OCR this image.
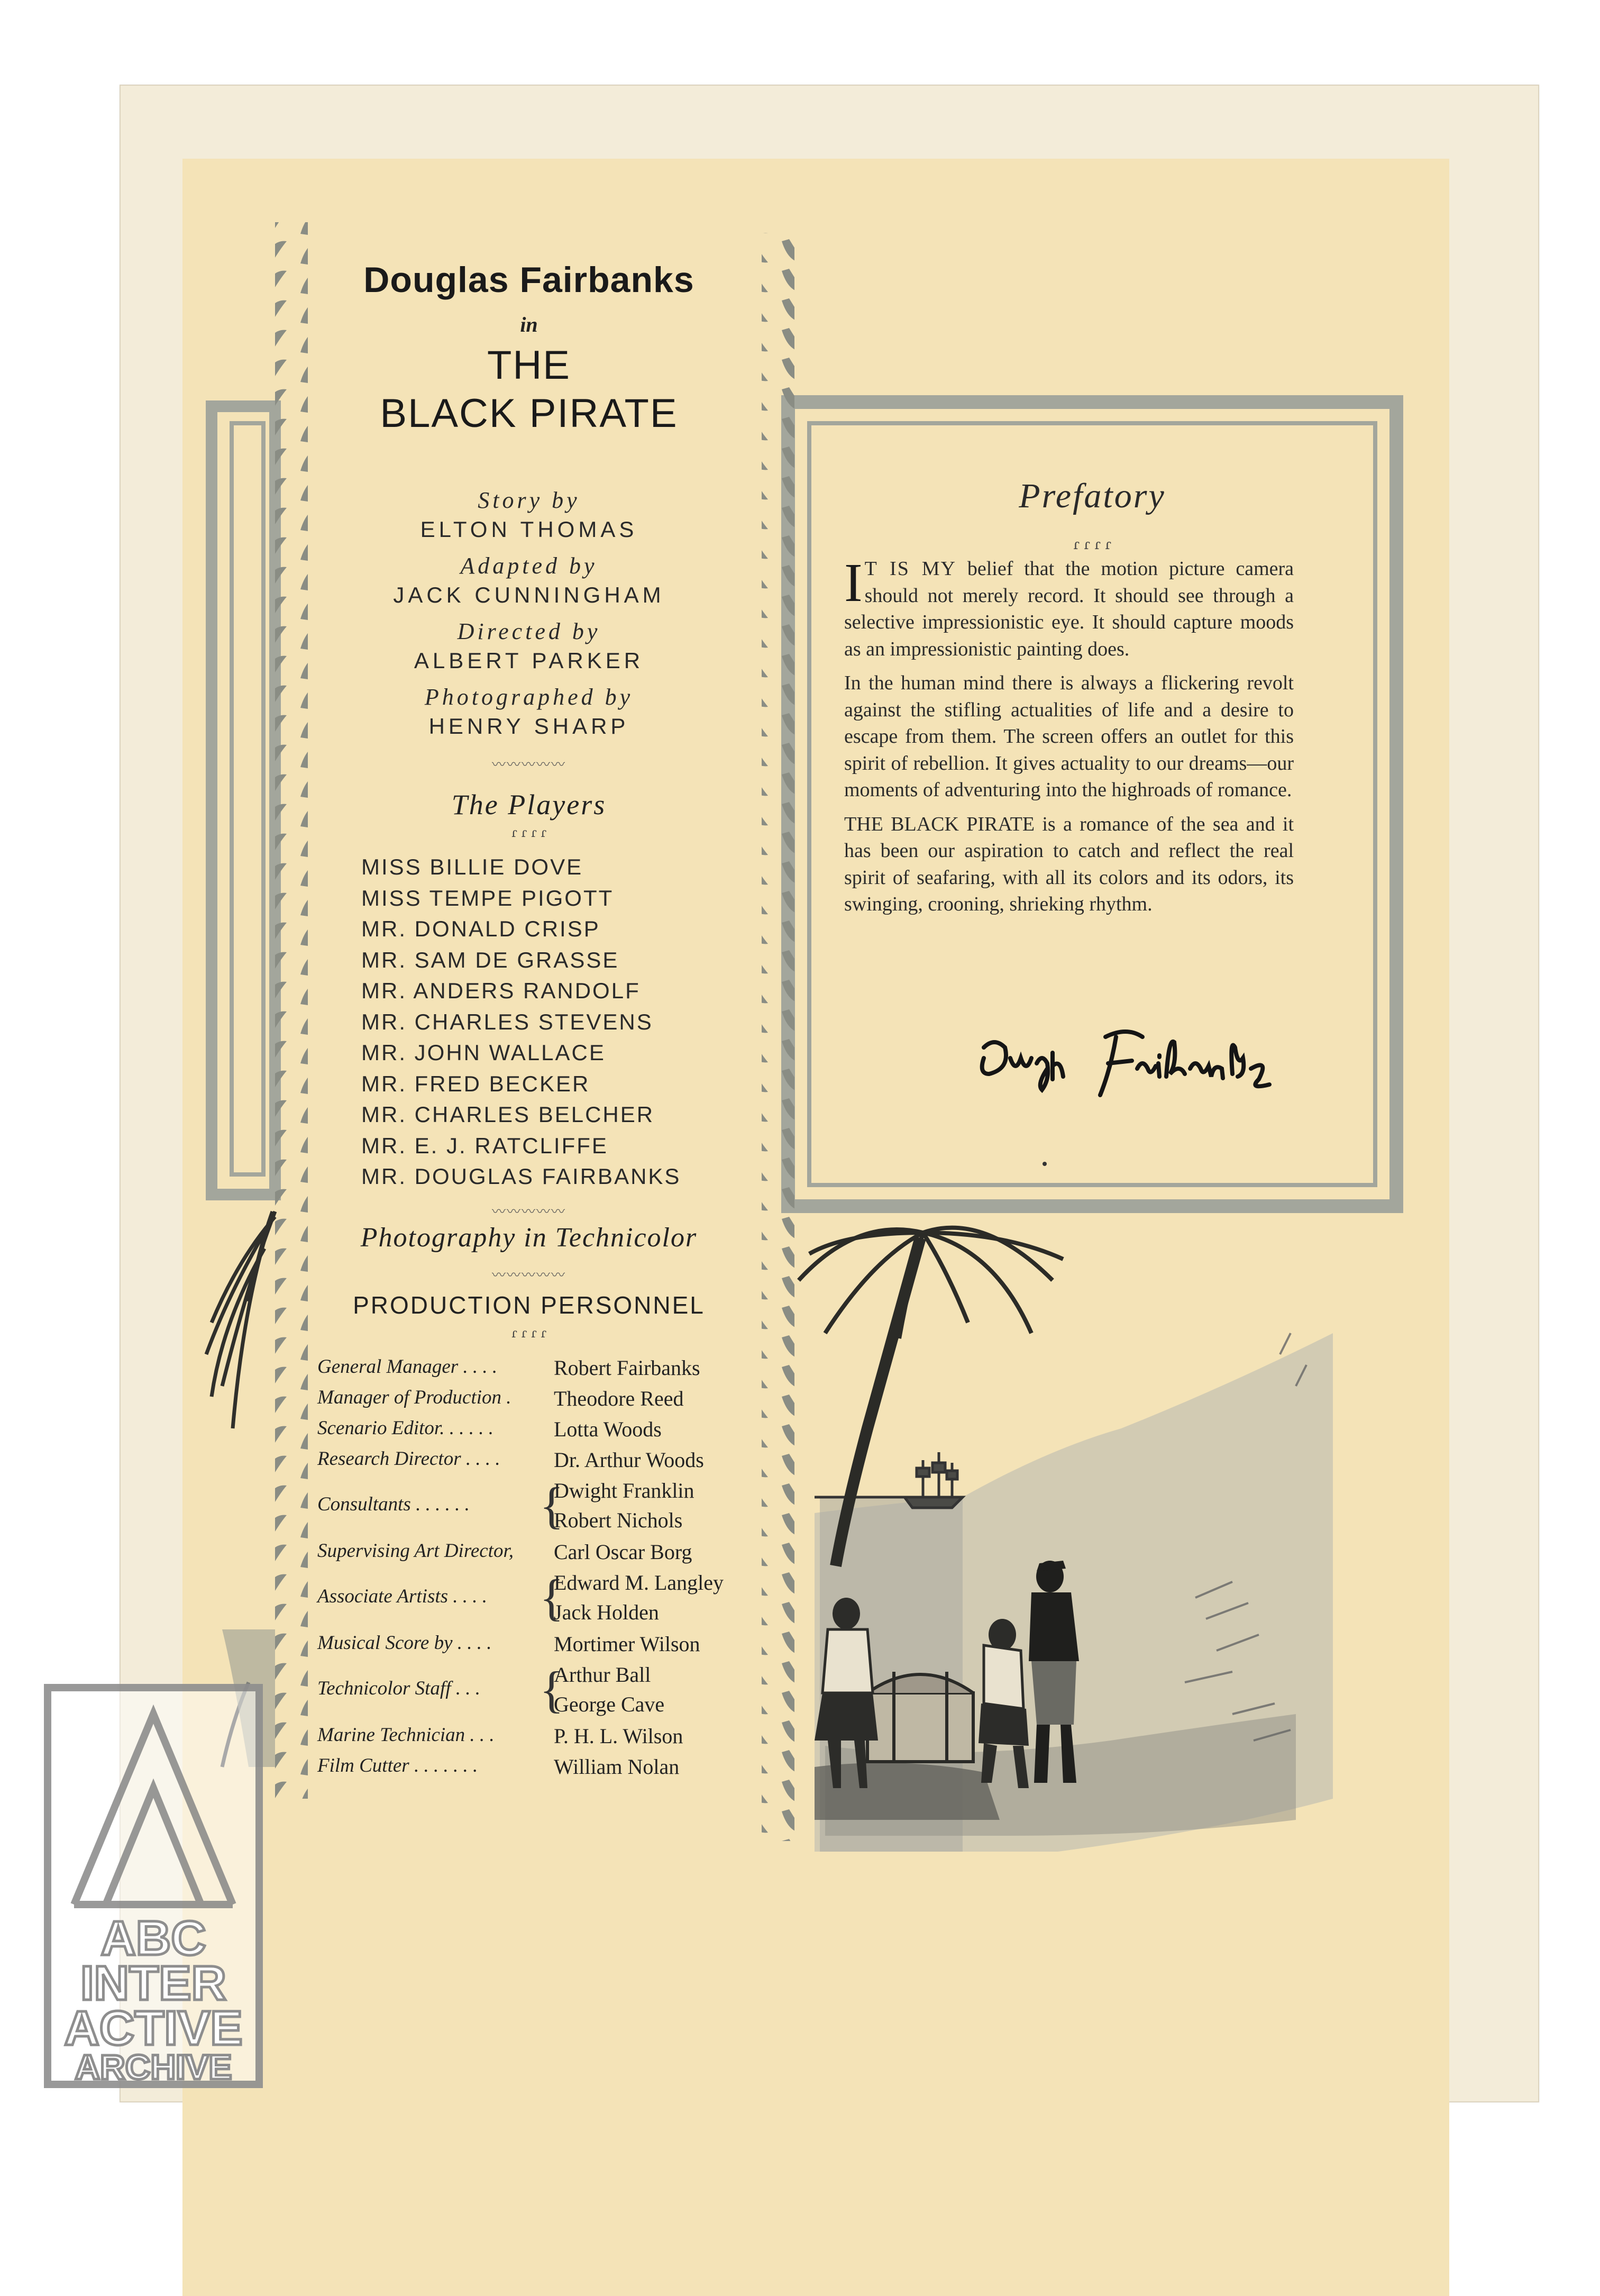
Douglas Fairbanks
in
THE
BLACK PIRATE
Story by
ELTON THOMAS
Adapted by
JACK CUNNINGHAM
Directed by
ALBERT PARKER
Photographed by
HENRY SHARP
〰〰〰〰〰
The Players
ɾ ɾ ɾ ɾ
MISS BILLIE DOVE
MISS TEMPE PIGOTT
MR. DONALD CRISP
MR. SAM DE GRASSE
MR. ANDERS RANDOLF
MR. CHARLES STEVENS
MR. JOHN WALLACE
MR. FRED BECKER
MR. CHARLES BELCHER
MR. E. J. RATCLIFFE
MR. DOUGLAS FAIRBANKS
〰〰〰〰〰
Photography in Technicolor
〰〰〰〰〰
PRODUCTION PERSONNEL
ɾ ɾ ɾ ɾ
General Manager . . . .	Robert Fairbanks
Manager of Production . Theodore Reed
Scenario Editor. . . . . .	Lotta Woods
Research Director . . . .	Dr. Arthur Woods
Consultants . . . . . . {
Dwight Franklin
Robert Nichols
Supervising Art Director, Carl Oscar Borg
Associate Artists . . . . {
Edward M. Langley
Jack Holden
Musical Score by . . . .	Mortimer Wilson
Technicolor Staff . . . {
Arthur Ball
George Cave
Marine Technician . . .	P. H. L. Wilson
Film Cutter . . . . . . .	William Nolan
Prefatory
ɾ ɾ ɾ ɾ

I T IS MY belief that the motion picture camera should not merely record. It should see through a selective impressionistic eye. It should capture moods as an impressionistic painting does.

In the human mind there is always a flickering revolt against the stifling actualities of life and a desire to escape from them. The screen offers an outlet for this spirit of rebellion. It gives actuality to our dreams—our moments of adventuring into the highroads of romance.

THE BLACK PIRATE is a romance of the sea and it has been our aspiration to catch and reflect the real spirit of seafaring, with all its colors and its odors, its swinging, crooning, shrieking rhythm.

ABC
INTER
ACTIVE
ARCHIVE
